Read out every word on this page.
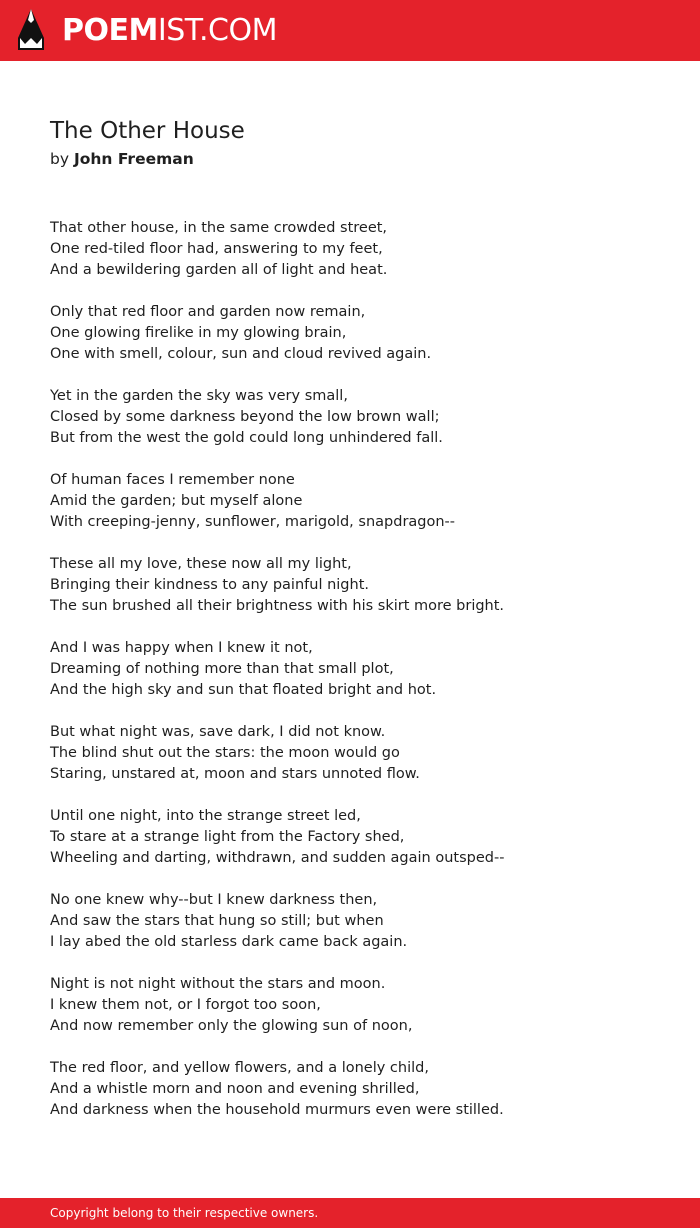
POEMIST.COM
The Other House
by John Freeman
That other house, in the same crowded street,
One red-tiled floor had, answering to my feet,
And a bewildering garden all of light and heat.
Only that red floor and garden now remain,
One glowing firelike in my glowing brain,
One with smell, colour, sun and cloud revived again.
Yet in the garden the sky was very small,
Closed by some darkness beyond the low brown wall;
But from the west the gold could long unhindered fall.
Of human faces I remember none
Amid the garden; but myself alone
With creeping-jenny, sunflower, marigold, snapdragon--
These all my love, these now all my light,
Bringing their kindness to any painful night.
The sun brushed all their brightness with his skirt more bright.
And I was happy when I knew it not,
Dreaming of nothing more than that small plot,
And the high sky and sun that floated bright and hot.
But what night was, save dark, I did not know.
The blind shut out the stars: the moon would go
Staring, unstared at, moon and stars unnoted flow.
Until one night, into the strange street led,
To stare at a strange light from the Factory shed,
Wheeling and darting, withdrawn, and sudden again outsped--
No one knew why--but I knew darkness then,
And saw the stars that hung so still; but when
I lay abed the old starless dark came back again.
Night is not night without the stars and moon.
I knew them not, or I forgot too soon,
And now remember only the glowing sun of noon,
The red floor, and yellow flowers, and a lonely child,
And a whistle morn and noon and evening shrilled,
And darkness when the household murmurs even were stilled.
Copyright belong to their respective owners.
